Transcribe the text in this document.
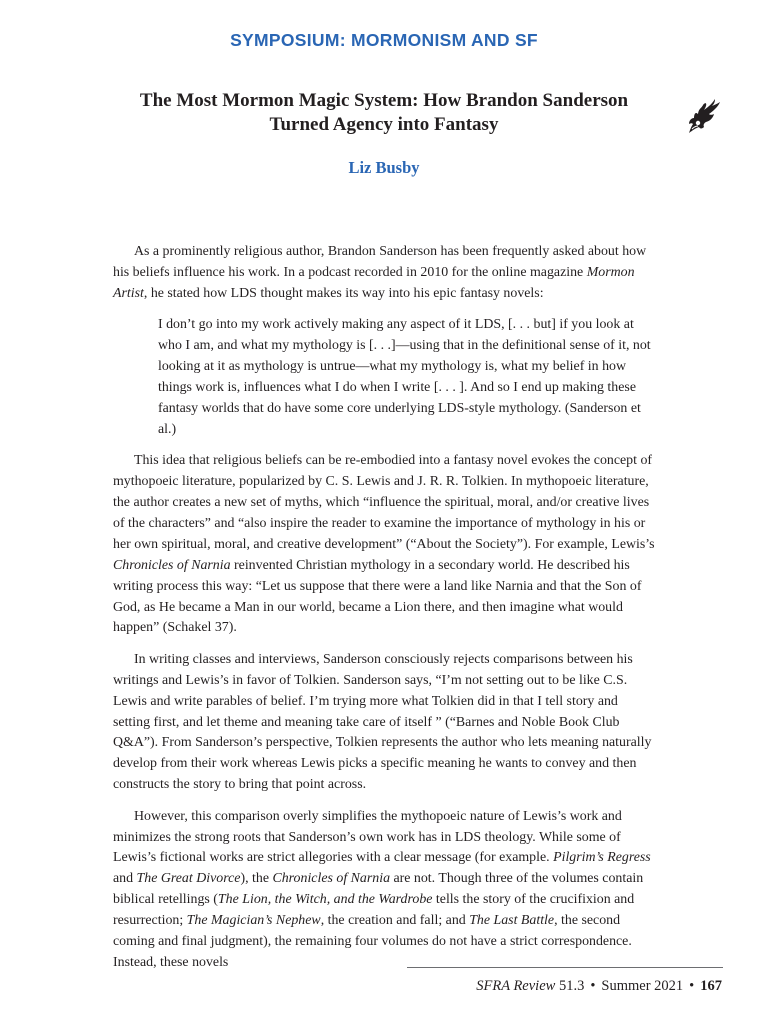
SYMPOSIUM: MORMONISM AND SF
The Most Mormon Magic System: How Brandon Sanderson Turned Agency into Fantasy
Liz Busby

As a prominently religious author, Brandon Sanderson has been frequently asked about how his beliefs influence his work. In a podcast recorded in 2010 for the online magazine Mormon Artist, he stated how LDS thought makes its way into his epic fantasy novels:

I don’t go into my work actively making any aspect of it LDS, [. . . but] if you look at who I am, and what my mythology is [. . .]—using that in the definitional sense of it, not looking at it as mythology is untrue—what my mythology is, what my belief in how things work is, influences what I do when I write [. . . ]. And so I end up making these fantasy worlds that do have some core underlying LDS-style mythology. (Sanderson et al.)

This idea that religious beliefs can be re-embodied into a fantasy novel evokes the concept of mythopoeic literature, popularized by C. S. Lewis and J. R. R. Tolkien. In mythopoeic literature, the author creates a new set of myths, which “influence the spiritual, moral, and/or creative lives of the characters” and “also inspire the reader to examine the importance of mythology in his or her own spiritual, moral, and creative development” (“About the Society”). For example, Lewis’s Chronicles of Narnia reinvented Christian mythology in a secondary world. He described his writing process this way: “Let us suppose that there were a land like Narnia and that the Son of God, as He became a Man in our world, became a Lion there, and then imagine what would happen” (Schakel 37).

In writing classes and interviews, Sanderson consciously rejects comparisons between his writings and Lewis’s in favor of Tolkien. Sanderson says, “I’m not setting out to be like C.S. Lewis and write parables of belief. I’m trying more what Tolkien did in that I tell story and setting first, and let theme and meaning take care of itself ” (“Barnes and Noble Book Club Q&A”). From Sanderson’s perspective, Tolkien represents the author who lets meaning naturally develop from their work whereas Lewis picks a specific meaning he wants to convey and then constructs the story to bring that point across.

However, this comparison overly simplifies the mythopoeic nature of Lewis’s work and minimizes the strong roots that Sanderson’s own work has in LDS theology. While some of Lewis’s fictional works are strict allegories with a clear message (for example. Pilgrim’s Regress and The Great Divorce), the Chronicles of Narnia are not. Though three of the volumes contain biblical retellings (The Lion, the Witch, and the Wardrobe tells the story of the crucifixion and resurrection; The Magician’s Nephew, the creation and fall; and The Last Battle, the second coming and final judgment), the remaining four volumes do not have a strict correspondence. Instead, these novels

SFRA Review 51.3 • Summer 2021 • 167
